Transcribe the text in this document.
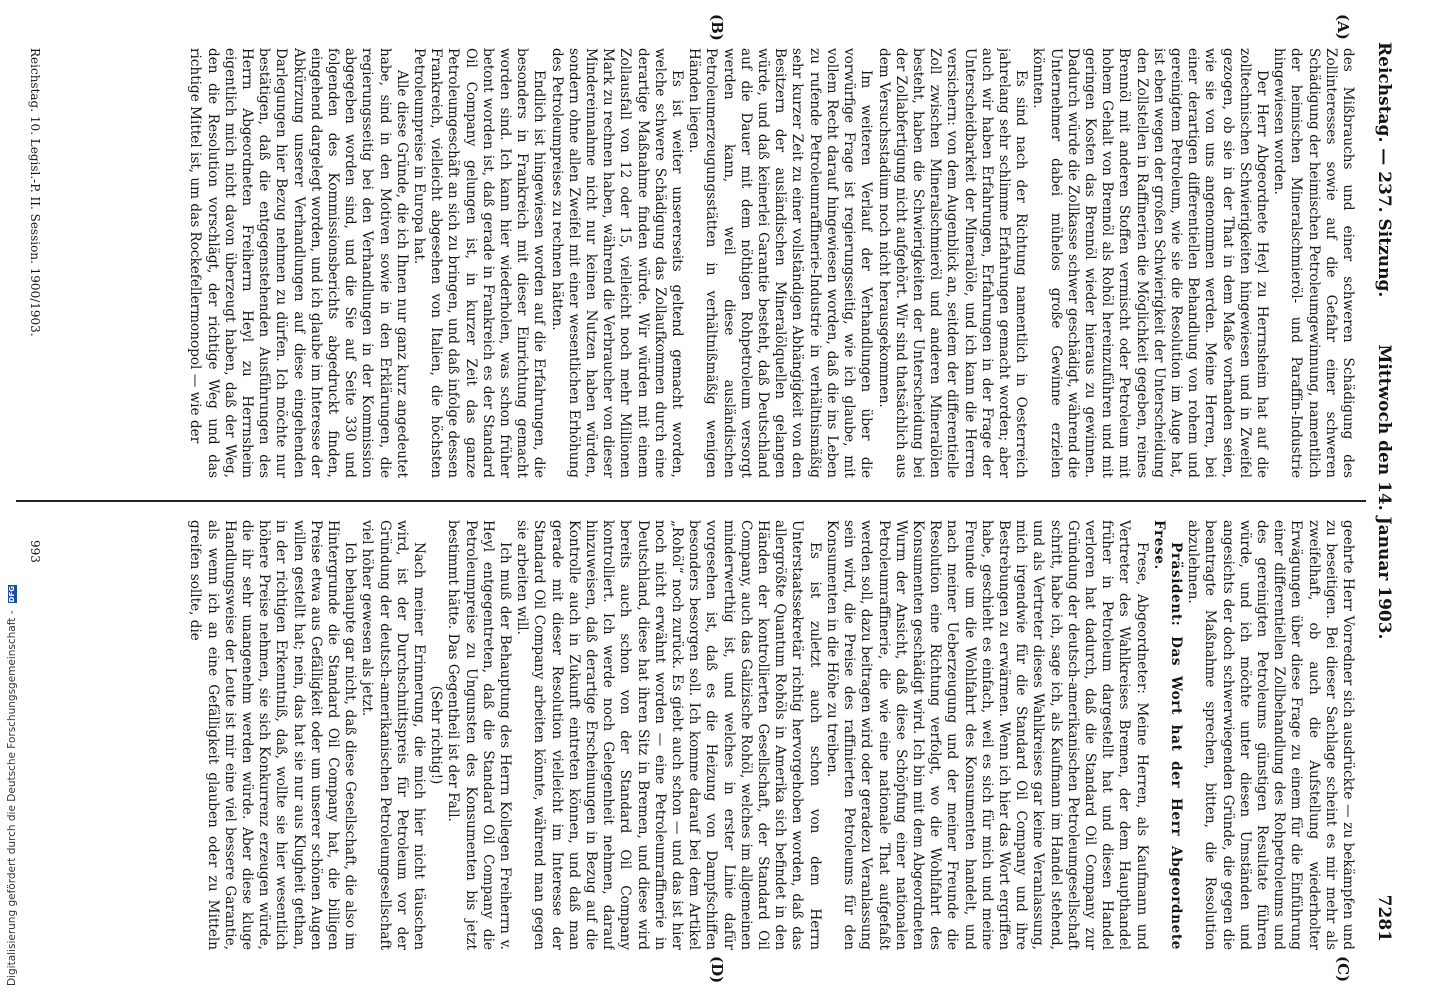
Reichstag. — 237. Sitzung.
Mittwoch den 14. Januar 1903.
7281
(A)
(B)
(C)
(D)

des Mißbrauchs und einer schweren Schädigung des Zollinteresses sowie auf die Gefahr einer schweren Schädigung der heimischen Petroleumgewinnung, namentlich der heimischen Mineralschmieröl- und Paraffin-Industrie hingewiesen worden.

Der Herr Abgeordnete Heyl zu Herrnsheim hat auf die zolltechnischen Schwierigkeiten hingewiesen und in Zweifel gezogen, ob sie in der That in dem Maße vorhanden seien, wie sie von uns angenommen werden. Meine Herren, bei einer derartigen differentiellen Behandlung von rohem und gereinigtem Petroleum, wie sie die Resolution im Auge hat, ist eben wegen der großen Schwierigkeit der Unterscheidung den Zollstellen in Raffinerien die Möglichkeit gegeben, reines Brennöl mit anderen Stoffen vermischt oder Petroleum mit hohem Gehalt von Brennöl als Rohöl hereinzuführen und mit geringen Kosten das Brennöl wieder hieraus zu gewinnen. Dadurch würde die Zollkasse schwer geschädigt, während die Unternehmer dabei mühelos große Gewinne erzielen könnten.

Es sind nach der Richtung namentlich in Oesterreich jahrelang sehr schlimme Erfahrungen gemacht worden; aber auch wir haben Erfahrungen, Erfahrungen in der Frage der Unterscheidbarkeit der Mineralöle, und ich kann die Herren versichern: von dem Augenblick an, seitdem der differentielle Zoll zwischen Mineralschmieröl und anderen Mineralölen besteht, haben die Schwierigkeiten der Unterscheidung bei der Zollabfertigung nicht aufgehört. Wir sind thatsächlich aus dem Versuchsstadium noch nicht herausgekommen.

Im weiteren Verlauf der Verhandlungen über die vorwürfige Frage ist regierungsseitig, wie ich glaube, mit vollem Recht darauf hingewiesen worden, daß die ins Leben zu rufende Petroleumraffinerie-Industrie in verhältnismäßig sehr kurzer Zeit zu einer vollständigen Abhängigkeit von den Besitzern der ausländischen Mineralölquellen gelangen würde, und daß keinerlei Garantie besteht, daß Deutschland auf die Dauer mit dem nöthigen Rohpetroleum versorgt werden kann, weil diese ausländischen Petroleumerzeugungsstätten in verhältnißmäßig wenigen Händen liegen.

Es ist weiter unsererseits geltend gemacht worden, welche schwere Schädigung das Zollaufkommen durch eine derartige Maßnahme finden würde. Wir würden mit einem Zollausfall von 12 oder 15, vielleicht noch mehr Millionen Mark zu rechnen haben, während die Verbraucher von dieser Mindereinnahme nicht nur keinen Nutzen haben würden, sondern ohne allen Zweifel mit einer wesentlichen Erhöhung des Petroleumpreises zu rechnen hätten.

Endlich ist hingewiesen worden auf die Erfahrungen, die besonders in Frankreich mit dieser Einrichtung gemacht worden sind. Ich kann hier wiederholen, was schon früher betont worden ist, daß gerade in Frankreich es der Standard Oil Company gelungen ist, in kurzer Zeit das ganze Petroleumgeschäft an sich zu bringen, und daß infolge dessen Frankreich, vielleicht abgesehen von Italien, die höchsten Petroleumpreise in Europa hat.

Alle diese Gründe, die ich Ihnen nur ganz kurz angedeutet habe, sind in den Motiven sowie in den Erklärungen, die regierungsseitig bei den Verhandlungen in der Kommission abgegeben worden sind, und die Sie auf Seite 330 und folgenden des Kommissionsberichts abgedruckt finden, eingehend dargelegt worden, und ich glaube im Interesse der Abkürzung unserer Verhandlungen auf diese eingehenden Darlegungen hier Bezug nehmen zu dürfen. Ich möchte nur bestätigen, daß die entgegenstehenden Ausführungen des Herrn Abgeordneten Freiherrn Heyl zu Herrnsheim eigentlich mich nicht davon überzeugt haben, daß der Weg, den die Resolution vorschlägt, der richtige Weg und das richtige Mittel ist, um das Rockefellermonopol — wie der

geehrte Herr Vorredner sich ausdrückte — zu bekämpfen und zu beseitigen. Bei dieser Sachlage scheint es mir mehr als zweifelhaft, ob auch die Aufstellung wiederholter Erwägungen über diese Frage zu einem für die Einführung einer differentiellen Zollbehandlung des Rohpetroleums und des gereinigten Petroleums günstigen Resultate führen würde, und ich möchte unter diesen Umständen und angesichts der doch schwerwiegenden Gründe, die gegen die beantragte Maßnahme sprechen, bitten, die Resolution abzulehnen.

Präsident: Das Wort hat der Herr Abgeordnete Frese.

Frese, Abgeordneter: Meine Herren, als Kaufmann und Vertreter des Wahlkreises Bremen, der dem Haupthandel früher in Petroleum dargestellt hat und diesen Handel verloren hat dadurch, daß die Standard Oil Company zur Gründung der deutsch-amerikanischen Petroleumgesellschaft schritt, habe ich, sage ich, als Kaufmann im Handel stehend, und als Vertreter dieses Wahlkreises gar keine Veranlassung, mich irgendwie für die Standard Oil Company und ihre Bestrebungen zu erwärmen. Wenn ich hier das Wort ergriffen habe, geschieht es einfach, weil es sich für mich und meine Freunde um die Wohlfahrt des Konsumenten handelt, und nach meiner Ueberzeugung und der meiner Freunde die Resolution eine Richtung verfolgt, wo die Wohlfahrt des Konsumenten geschädigt wird. Ich bin mit dem Abgeordneten Wurm der Ansicht, daß diese Schöpfung einer nationalen Petroleumraffinerie, die wie eine nationale That aufgefaßt werden soll, dazu beitragen wird oder geradezu Veranlassung sein wird, die Preise des raffinierten Petroleums für den Konsumenten in die Höhe zu treiben.

Es ist zuletzt auch schon von dem Herrn Unterstaatssekretär richtig hervorgehoben worden, daß das allergrößte Quantum Rohöls in Amerika sich befindet in den Händen der kontrollierten Gesellschaft, der Standard Oil Company, auch das Galizische Rohöl, welches im allgemeinen minderwerthig ist, und welches in erster Linie dafür vorgesehen ist, daß es die Heizung von Dampfschiffen besonders besorgen soll. Ich komme darauf bei dem Artikel „Rohöl“ noch zurück. Es giebt auch schon — und das ist hier noch nicht erwähnt worden — eine Petroleumraffinerie in Deutschland, diese hat ihren Sitz in Bremen, und diese wird bereits auch schon von der Standard Oil Company kontrolliert. Ich werde noch Gelegenheit nehmen, darauf hinzuweisen, daß derartige Erscheinungen in Bezug auf die Kontrolle auch in Zukunft eintreten können, und daß man gerade mit dieser Resolution vielleicht im Interesse der Standard Oil Company arbeiten könnte, während man gegen sie arbeiten will.

Ich muß der Behauptung des Herrn Kollegen Freiherrn v. Heyl entgegentreten, daß die Standard Oil Company die Petroleumpreise zu Ungunsten des Konsumenten bis jetzt bestimmt hätte. Das Gegentheil ist der Fall.

(Sehr richtig!)

Nach meiner Erinnerung, die mich hier nicht täuschen wird, ist der Durchschnittspreis für Petroleum vor der Gründung der deutsch-amerikanischen Petroleumgesellschaft viel höher gewesen als jetzt.

Ich behaupte gar nicht, daß diese Gesellschaft, die also im Hintergrunde die Standard Oil Company hat, die billigen Preise etwa aus Gefälligkeit oder um unserer schönen Augen willen gestellt hat; nein, das hat sie nur aus Klugheit gethan, in der richtigen Erkenntniß, daß, wollte sie hier wesentlich höhere Preise nehmen, sie sich Konkurrenz erzeugen würde, die ihr sehr unangenehm werden würde. Aber diese kluge Handlungsweise der Leute ist mir eine viel bessere Garantie, als wenn ich an eine Gefälligkeit glauben oder zu Mitteln greifen sollte, die

Reichstag. 10. Legisl.-P. II. Session. 1900/1903.
993
Digitalisierung gefördert durch die Deutsche Forschungsgemeinschaft - DFG
